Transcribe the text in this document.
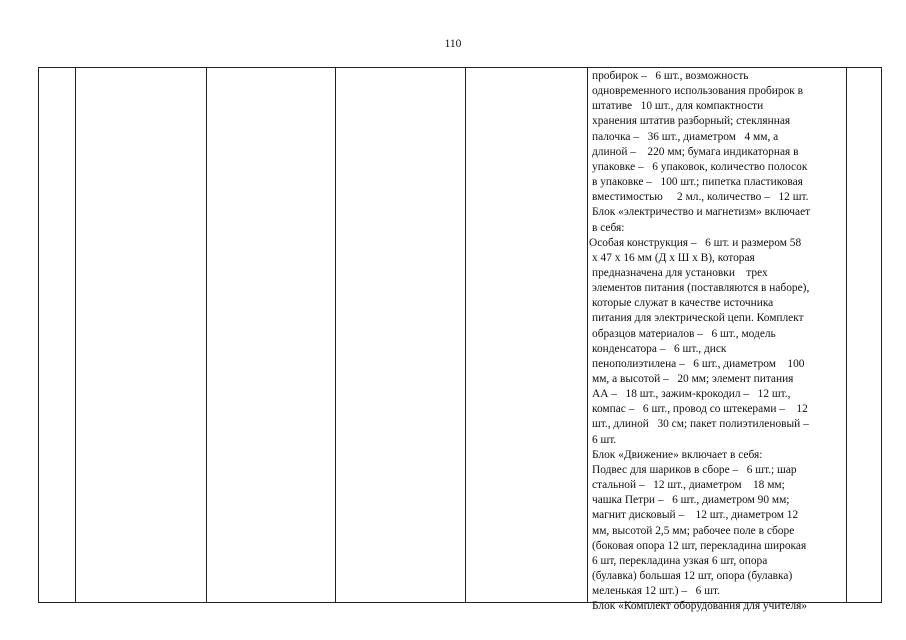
110
пробирок –   6 шт., возможность
одновременного использования пробирок в
штативе   10 шт., для компактности
хранения штатив разборный; стеклянная
палочка –   36 шт., диаметром   4 мм, а
длиной –    220 мм; бумага индикаторная в
упаковке –   6 упаковок, количество полосок
в упаковке –   100 шт.; пипетка пластиковая
вместимостью     2 мл., количество –   12 шт.
Блок «электричество и магнетизм» включает
в себя:
Особая конструкция –   6 шт. и размером 58
х 47 х 16 мм (Д х Ш х В), которая
предназначена для установки    трех
элементов питания (поставляются в наборе),
которые служат в качестве источника
питания для электрической цепи. Комплект
образцов материалов –   6 шт., модель
конденсатора –   6 шт., диск
пенополиэтилена –   6 шт., диаметром    100
мм, а высотой –   20 мм; элемент питания
АА –   18 шт., зажим-крокодил –   12 шт.,
компас –   6 шт., провод со штекерами –    12
шт., длиной   30 см; пакет полиэтиленовый –
6 шт.
Блок «Движение» включает в себя:
Подвес для шариков в сборе –   6 шт.; шар
стальной –   12 шт., диаметром    18 мм;
чашка Петри –   6 шт., диаметром 90 мм;
магнит дисковый –    12 шт., диаметром 12
мм, высотой 2,5 мм; рабочее поле в сборе
(боковая опора 12 шт, перекладина широкая
6 шт, перекладина узкая 6 шт, опора
(булавка) большая 12 шт, опора (булавка)
меленькая 12 шт.) –   6 шт.
Блок «Комплект оборудования для учителя»
